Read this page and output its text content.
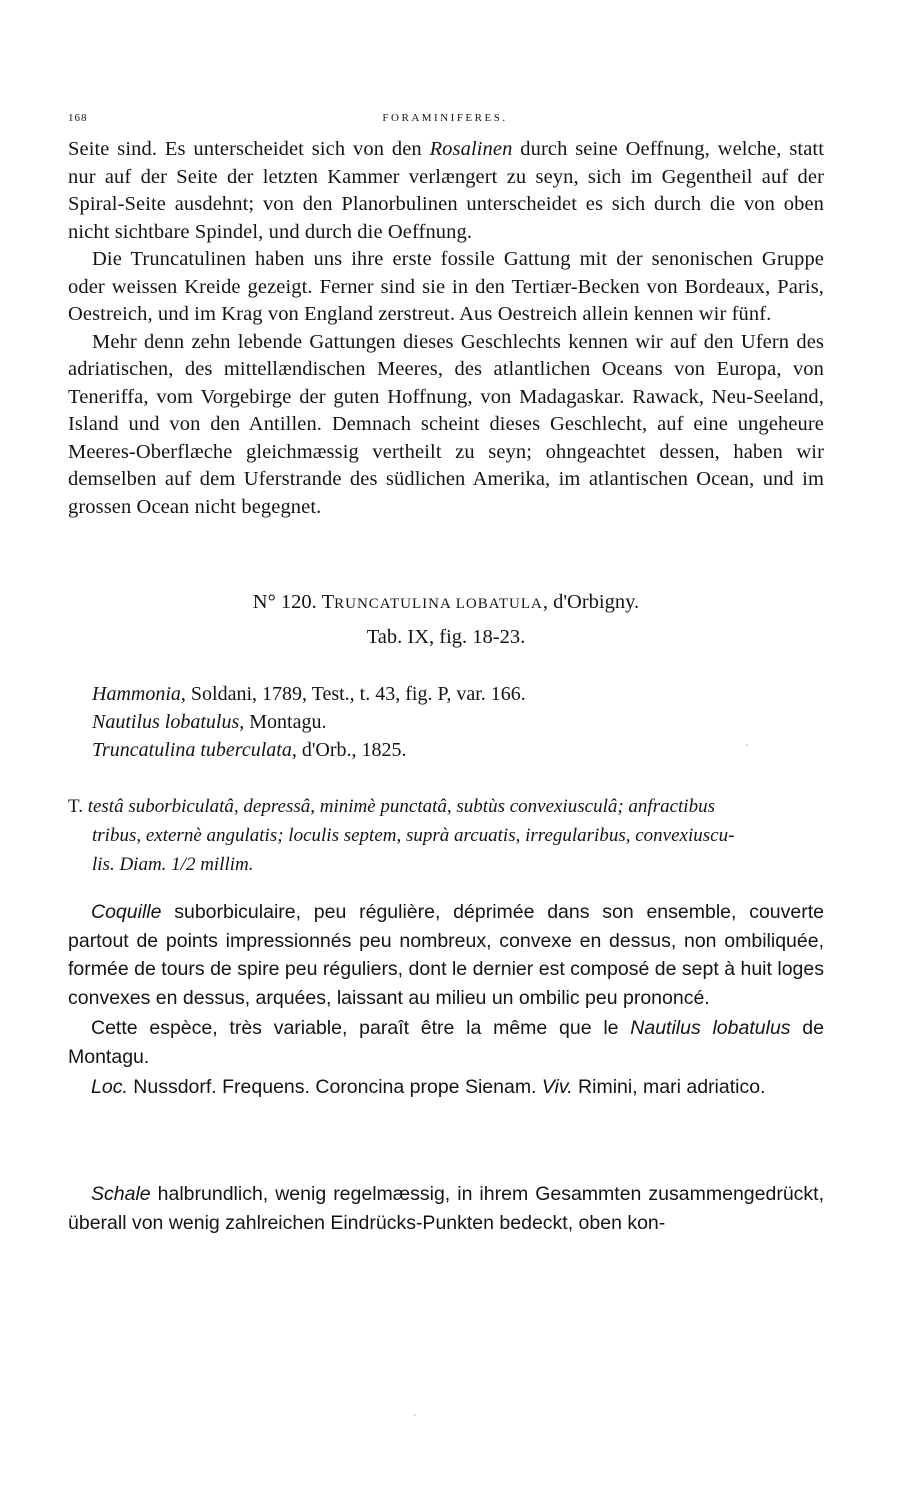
168	FORAMINIFERES.

Seite sind. Es unterscheidet sich von den Rosalinen durch seine Oeffnung, welche, statt nur auf der Seite der letzten Kammer verlængert zu seyn, sich im Gegentheil auf der Spiral-Seite ausdehnt; von den Planorbulinen unterscheidet es sich durch die von oben nicht sichtbare Spindel, und durch die Oeffnung.

Die Truncatulinen haben uns ihre erste fossile Gattung mit der senonischen Gruppe oder weissen Kreide gezeigt. Ferner sind sie in den Tertiær-Becken von Bordeaux, Paris, Oestreich, und im Krag von England zerstreut. Aus Oestreich allein kennen wir fünf.

Mehr denn zehn lebende Gattungen dieses Geschlechts kennen wir auf den Ufern des adriatischen, des mittellændischen Meeres, des atlantlichen Oceans von Europa, von Teneriffa, vom Vorgebirge der guten Hoffnung, von Madagaskar. Rawack, Neu-Seeland, Island und von den Antillen. Demnach scheint dieses Geschlecht, auf eine ungeheure Meeres-Oberflæche gleichmæssig vertheilt zu seyn; ohngeachtet dessen, haben wir demselben auf dem Uferstrande des südlichen Amerika, im atlantischen Ocean, und im grossen Ocean nicht begegnet.

N° 120. TRUNCATULINA LOBATULA, d'Orbigny.
Tab. IX, fig. 18-23.
Hammonia, Soldani, 1789, Test., t. 43, fig. P, var. 166.
Nautilus lobatulus, Montagu.
Truncatulina tuberculata, d'Orb., 1825.
T. testâ suborbiculatâ, depressâ, minimè punctatâ, subtùs convexiusculâ; anfractibus
tribus, externè angulatis; loculis septem, suprà arcuatis, irregularibus, convexiuscu-
lis. Diam. 1/2 millim.

Coquille suborbiculaire, peu régulière, déprimée dans son ensemble, couverte partout de points impressionnés peu nombreux, convexe en dessus, non ombiliquée, formée de tours de spire peu réguliers, dont le dernier est composé de sept à huit loges convexes en dessus, arquées, laissant au milieu un ombilic peu prononcé.

Cette espèce, très variable, paraît être la même que le Nautilus lobatulus de Montagu.

Loc. Nussdorf. Frequens. Coroncina prope Sienam. Viv. Rimini, mari adriatico.

Schale halbrundlich, wenig regelmæssig, in ihrem Gesammten zusammengedrückt, überall von wenig zahlreichen Eindrücks-Punkten bedeckt, oben kon-
